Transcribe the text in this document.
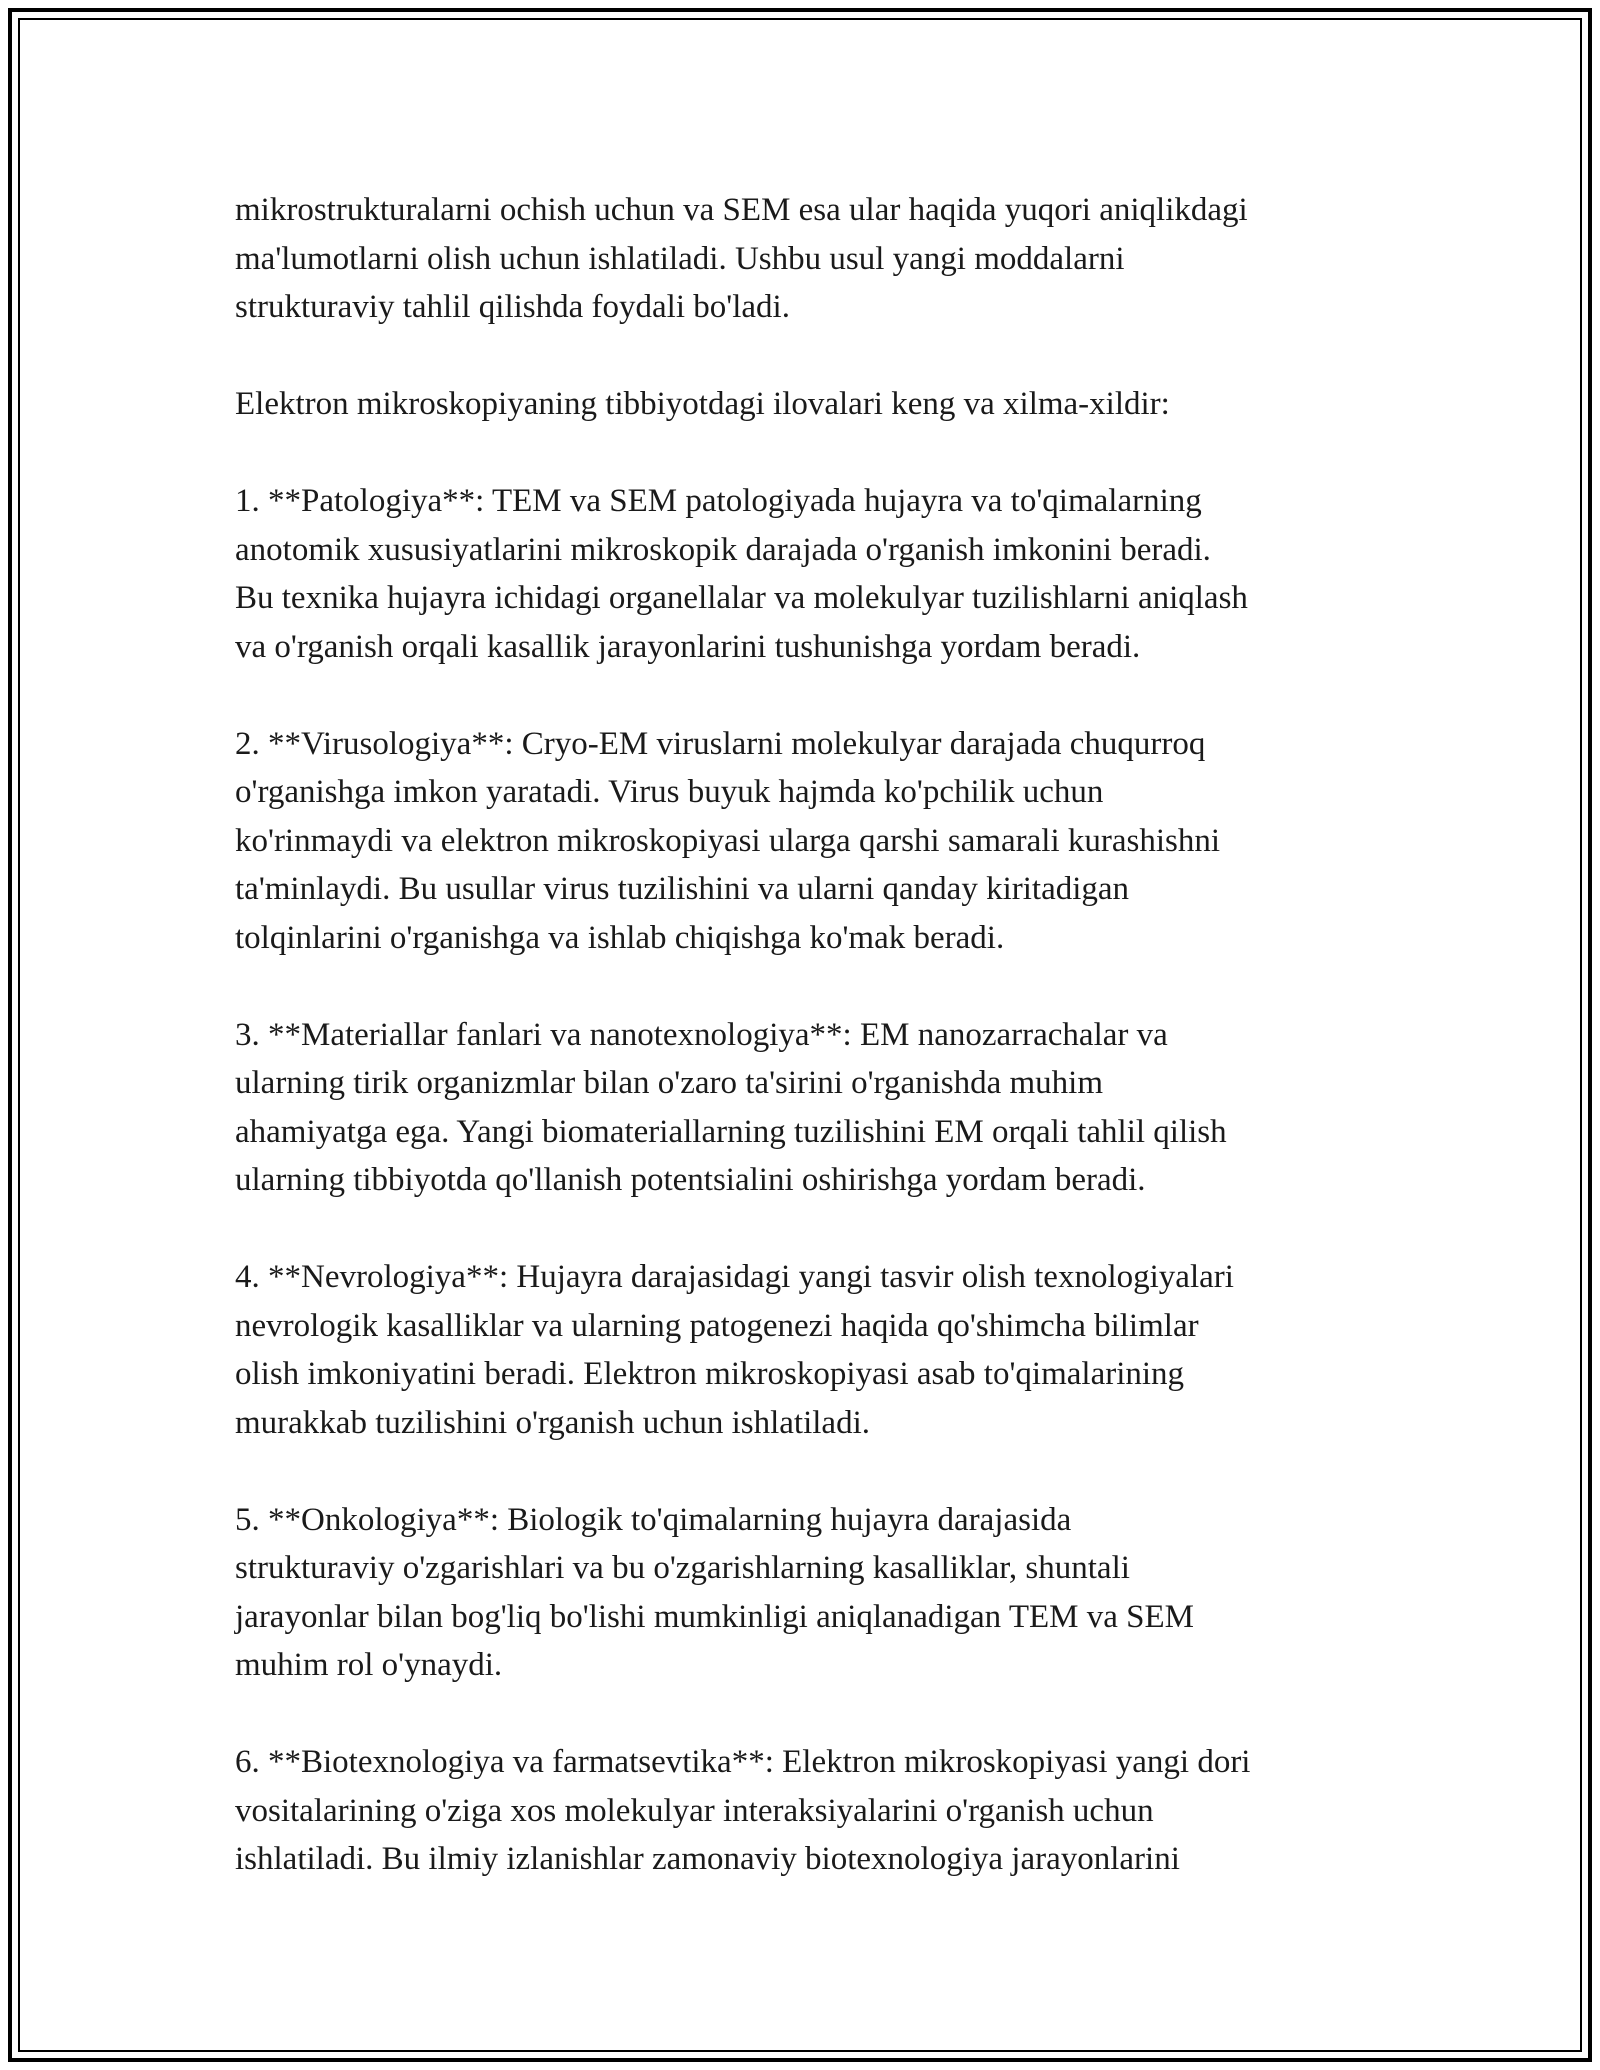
mikrostrukturalarni ochish uchun va SEM esa ular haqida yuqori aniqlikdagi
ma'lumotlarni olish uchun ishlatiladi. Ushbu usul yangi moddalarni
strukturaviy tahlil qilishda foydali bo'ladi.

Elektron mikroskopiyaning tibbiyotdagi ilovalari keng va xilma-xildir:

1. **Patologiya**: TEM va SEM patologiyada hujayra va to'qimalarning
anotomik xususiyatlarini mikroskopik darajada o'rganish imkonini beradi.
Bu texnika hujayra ichidagi organellalar va molekulyar tuzilishlarni aniqlash
va o'rganish orqali kasallik jarayonlarini tushunishga yordam beradi.

2. **Virusologiya**: Cryo-EM viruslarni molekulyar darajada chuqurroq
o'rganishga imkon yaratadi. Virus buyuk hajmda ko'pchilik uchun
ko'rinmaydi va elektron mikroskopiyasi ularga qarshi samarali kurashishni
ta'minlaydi. Bu usullar virus tuzilishini va ularni qanday kiritadigan
tolqinlarini o'rganishga va ishlab chiqishga ko'mak beradi.

3. **Materiallar fanlari va nanotexnologiya**: EM nanozarrachalar va
ularning tirik organizmlar bilan o'zaro ta'sirini o'rganishda muhim
ahamiyatga ega. Yangi biomateriallarning tuzilishini EM orqali tahlil qilish
ularning tibbiyotda qo'llanish potentsialini oshirishga yordam beradi.

4. **Nevrologiya**: Hujayra darajasidagi yangi tasvir olish texnologiyalari
nevrologik kasalliklar va ularning patogenezi haqida qo'shimcha bilimlar
olish imkoniyatini beradi. Elektron mikroskopiyasi asab to'qimalarining
murakkab tuzilishini o'rganish uchun ishlatiladi.

5. **Onkologiya**: Biologik to'qimalarning hujayra darajasida
strukturaviy o'zgarishlari va bu o'zgarishlarning kasalliklar, shuntali
jarayonlar bilan bog'liq bo'lishi mumkinligi aniqlanadigan TEM va SEM
muhim rol o'ynaydi.

6. **Biotexnologiya va farmatsevtika**: Elektron mikroskopiyasi yangi dori
vositalarining o'ziga xos molekulyar interaksiyalarini o'rganish uchun
ishlatiladi. Bu ilmiy izlanishlar zamonaviy biotexnologiya jarayonlarini
